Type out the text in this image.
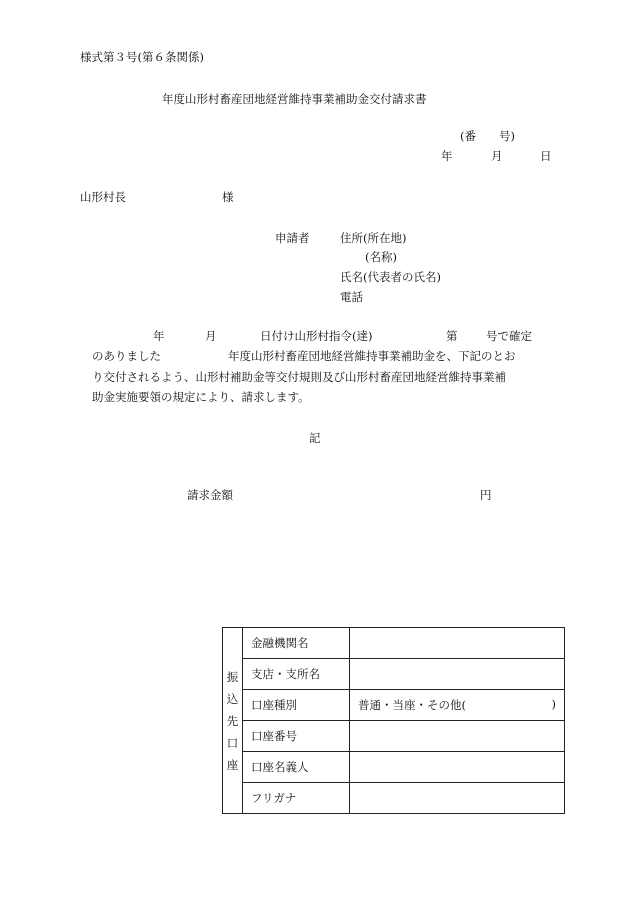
様式第３号(第６条関係)
年度山形村畜産団地経営維持事業補助金交付請求書
(番　　号)
年	月	日
山形村長	様
申請者	住所(所在地)
(名称)
氏名(代表者の氏名)
電話
年	月	日付け山形村指令(達)	第 号で確定
のありました	年度山形村畜産団地経営維持事業補助金を、下記のとお
り交付されるよう、山形村補助金等交付規則及び山形村畜産団地経営維持事業補
助金実施要領の規定により、請求します。
記
請求金額	円
振
込
先
口
座	金融機関名	
	支店・支所名	
	口座種別	普通・当座・その他( )

	口座番号	
	口座名義人	
	フリガナ	
